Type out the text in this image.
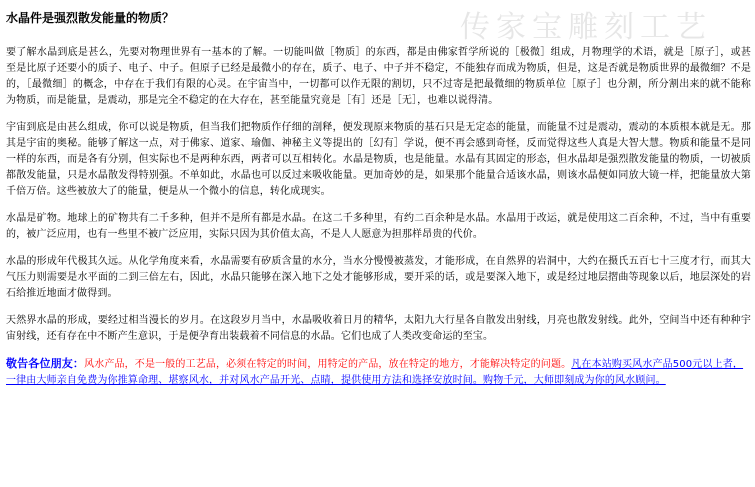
传家宝雕刻工艺
水晶件是强烈散发能量的物质？

要了解水晶到底是甚么，先要对物理世界有一基本的了解。一切能叫做［物质］的东西，都是由佛家哲学所说的［极微］组成，月物理学的术语，就是［原子］，或甚至是比原子还要小的质子、电子、中子。但原子已经是最微小的存在，质子、电子、中子并不稳定，不能独存而成为物质，但是，这是否就是物质世界的最微细？不是的，［最微细］的概念，中存在于我们有限的心灵。在宇宙当中，一切都可以作无限的割切，只不过寄是把最微细的物质单位［原子］也分割，所分割出来的就不能称为物质，而是能量，是震动，那是完全不稳定的在大存在，甚至能量究竟是［有］还是［无］，也难以说得清。

宇宙到底是由甚么组成，你可以说是物质，但当我们把物质作仔细的剖释，便发现原来物质的基石只是无定态的能量，而能量不过是震动，震动的本质根本就是无。那其是宇宙的奥秘。能够了解这一点，对于佛家、道家、瑜伽、神秘主义等提出的［幻有］学说，便不再会感到奇怪，反而觉得这些人真是大智大慧。物质和能量不是同一样的东西，而是各有分别，但实际也不是两种东西，两者可以互相转化。水晶是物质，也是能量。水晶有其固定的形态，但水晶却是强烈散发能量的物质，一切被质都散发能量，只是水晶散发得特别强。不单如此，水晶也可以反过来吸收能量。更加奇妙的是，如果那个能量合适该水晶，则该水晶便如同放大镜一样，把能量放大第千倍万倍。这些被放大了的能量，便是从一个微小的信息，转化成现实。

水晶是矿物。地球上的矿物共有二千多种，但并不是所有都是水晶。在这二千多种里，有约二百余种是水晶。水晶用于改运，就是使用这二百余种，不过，当中有重要的，被广泛应用，也有一些里不被广泛应用，实际只因为其价值太高，不是人人愿意为担那样昂贵的代价。

水晶的形成年代极其久远。从化学角度来看，水晶需要有矽质含量的水分，当水分慢慢被蒸发，才能形成，在自然界的岩洞中，大约在摄氏五百七十三度才行，而其大气压力则需要是水平面的二到三倍左右，因此，水晶只能够在深入地下之处才能够形成，要开采的话，或是要深入地下，或是经过地层摺曲等现象以后，地层深处的岩石给推近地面才做得到。

天然界水晶的形成，要经过相当漫长的岁月。在这段岁月当中，水晶吸收着日月的精华，太阳九大行星各自散发出射线，月亮也散发射线。此外，空间当中还有种种宇宙射线，还有存在中不断产生意识，于是便孕育出装载着不同信息的水晶。它们也成了人类改变命运的至宝。

敬告各位朋友：风水产品，不是一般的工艺品，必须在特定的时间，用特定的产品，放在特定的地方，才能解决特定的问题。凡在本站购买风水产品500元以上者，一律由大师亲自免费为你推算命理、堪察风水，并对风水产品开光、点睛，提供使用方法和选择安放时间。购物千元，大师即刻成为你的风水顾问。
